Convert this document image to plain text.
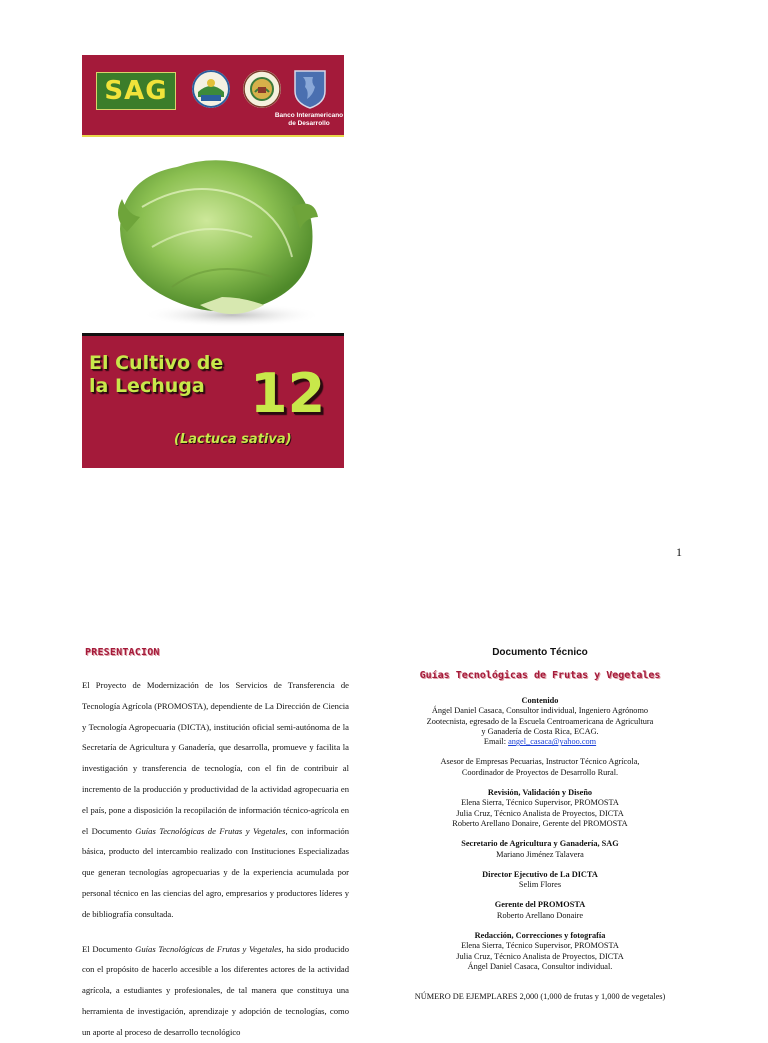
SAG
Banco Interamericano de Desarrollo
El Cultivo de la Lechuga 12
(Lactuca sativa)
1
PRESENTACION

El Proyecto de Modernización de los Servicios de Transferencia de Tecnología Agrícola (PROMOSTA), dependiente de La Dirección de Ciencia y Tecnología Agropecuaria (DICTA), institución oficial semi-autónoma de la Secretaría de Agricultura y Ganadería, que desarrolla, promueve y facilita la investigación y transferencia de tecnología, con el fin de contribuir al incremento de la producción y productividad de la actividad agropecuaria en el país, pone a disposición la recopilación de información técnico-agrícola en el Documento Guías Tecnológicas de Frutas y Vegetales, con información básica, producto del intercambio realizado con Instituciones Especializadas que generan tecnologías agropecuarias y de la experiencia acumulada por personal técnico en las ciencias del agro, empresarios y productores líderes y de bibliografía consultada.

El Documento Guías Tecnológicas de Frutas y Vegetales, ha sido producido con el propósito de hacerlo accesible a los diferentes actores de la actividad agrícola, a estudiantes y profesionales, de tal manera que constituya una herramienta de investigación, aprendizaje y adopción de tecnologías, como un aporte al proceso de desarrollo tecnológico

Documento Técnico
Guías Tecnológicas de Frutas y Vegetales
Contenido
Ángel Daniel Casaca, Consultor individual, Ingeniero Agrónomo
Zootecnista, egresado de la Escuela Centroamericana de Agricultura
y Ganadería de Costa Rica, ECAG.
Email: angel_casaca@yahoo.com
Asesor de Empresas Pecuarias, Instructor Técnico Agrícola,
Coordinador de Proyectos de Desarrollo Rural.
Revisión, Validación y Diseño
Elena Sierra, Técnico Supervisor, PROMOSTA
Julia Cruz, Técnico Analista de Proyectos, DICTA
Roberto Arellano Donaire, Gerente del PROMOSTA
Secretario de Agricultura y Ganadería, SAG
Mariano Jiménez Talavera
Director Ejecutivo de La DICTA
Selim Flores
Gerente del PROMOSTA
Roberto Arellano Donaire
Redacción, Correcciones y fotografía
Elena Sierra, Técnico Supervisor, PROMOSTA
Julia Cruz, Técnico Analista de Proyectos, DICTA
Ángel Daniel Casaca, Consultor individual.
NÚMERO DE EJEMPLARES 2,000 (1,000 de frutas y 1,000 de vegetales)
